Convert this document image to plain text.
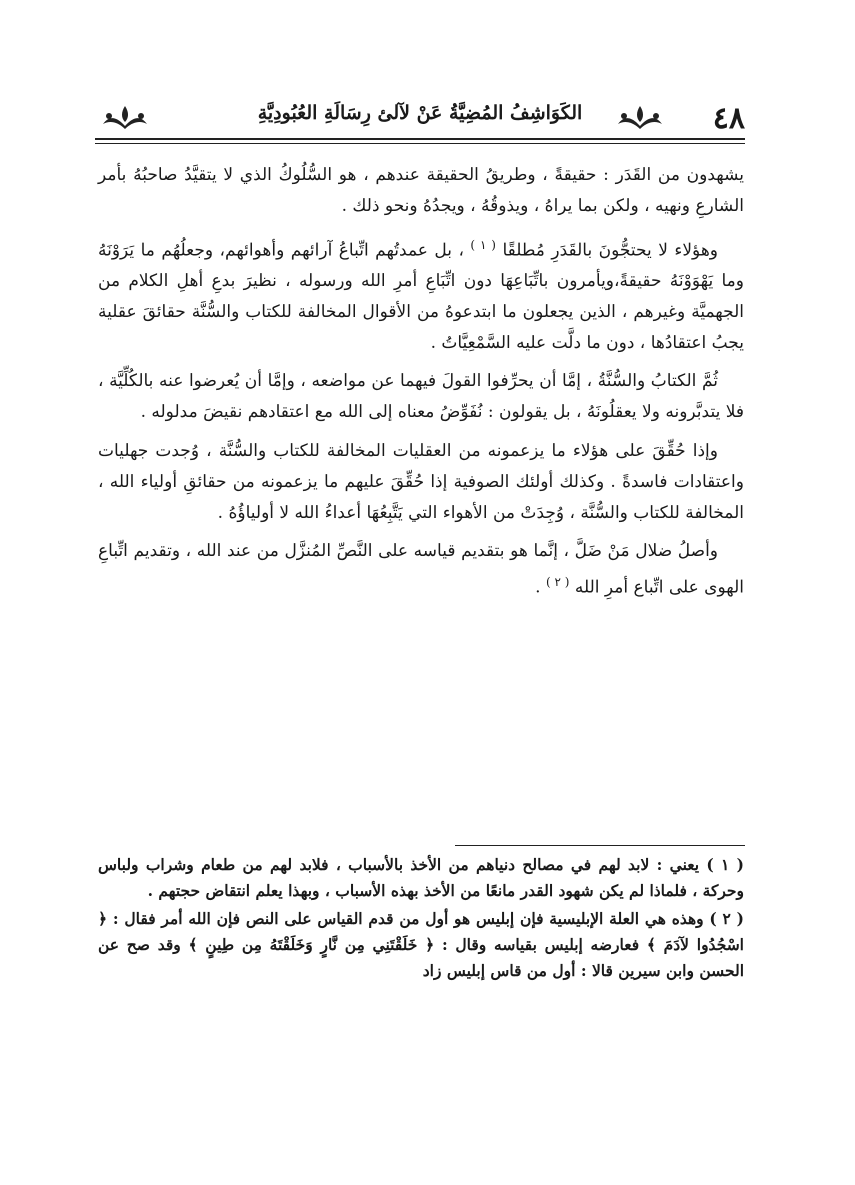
٤٨
الكَوَاشِفُ المُضِيَّةُ عَنْ لآلئ رِسَالَةِ العُبُودِيَّةِ

يشهدون من القَدَر : حقيقةً ، وطريقُ الحقيقة عندهم ، هو السُّلُوكُ الذي لا يتقيَّدُ صاحبُهُ بأمر الشارعِ ونهيه ، ولكن بما يراهُ ، ويذوقُهُ ، ويجدُهُ ونحو ذلك .

وهؤلاء لا يحتجُّونَ بالقَدَرِ مُطلقًا $^{( ١ )}$ ، بل عمدتُهم اتِّباعُ آرائهم وأهوائهم، وجعلُهُم ما يَرَوْنَهُ وما يَهْوَوْنَهُ حقيقةً،ويأمرون باتِّبَاعِهَا دون اتِّبَاعِ أمرِ الله ورسوله ، نظيرَ بدعِ أهلِ الكلام من الجهميَّة وغيرهم ، الذين يجعلون ما ابتدعوهُ من الأقوال المخالفة للكتاب والسُّنَّة حقائقَ عقلية يجبُ اعتقادُها ، دون ما دلَّت عليه السَّمْعِيَّاتُ .

ثُمَّ الكتابُ والسُّنَّةُ ، إمَّا أن يحرِّفوا القولَ فيهما عن مواضعه ، وإمَّا أن يُعرضوا عنه بالكُلِّيَّة ، فلا يتدبَّرونه ولا يعقلُونَهُ ، بل يقولون : نُفَوِّضُ معناه إلى الله مع اعتقادهم نقيضَ مدلوله .

وإذا حُقِّقَ على هؤلاء ما يزعمونه من العقليات المخالفة للكتاب والسُّنَّة ، وُجدت جهليات واعتقادات فاسدةً . وكذلك أولئك الصوفية إذا حُقِّقَ عليهم ما يزعمونه من حقائقِ أولياء الله ، المخالفة للكتاب والسُّنَّة ، وُجِدَتْ من الأهواء التي يَتَّبِعُهَا أعداءُ الله لا أولياؤُهُ .

وأصلُ ضلال مَنْ ضَلَّ ، إنَّما هو بتقديم قياسه على النَّصِّ المُنزَّل من عند الله ، وتقديم اتِّباعِ الهوى على اتِّباع أمرِ الله $^{( ٢ )}$ .

( ١ ) يعني : لابد لهم في مصالح دنياهم من الأخذ بالأسباب ، فلابد لهم من طعام وشراب ولباس وحركة ، فلماذا لم يكن شهود القدر مانعًا من الأخذ بهذه الأسباب ، وبهذا يعلم انتقاض حجتهم .

( ٢ ) وهذه هي العلة الإبليسية فإن إبليس هو أول من قدم القياس على النص فإن الله أمر فقال : ﴿ اسْجُدُوا لآدَمَ ﴾ فعارضه إبليس بقياسه وقال : ﴿ خَلَقْتَنِي مِن نَّارٍ وَخَلَقْتَهُ مِن طِينٍ ﴾ وقد صح عن الحسن وابن سيرين قالا : أول من قاس إبليس زاد
